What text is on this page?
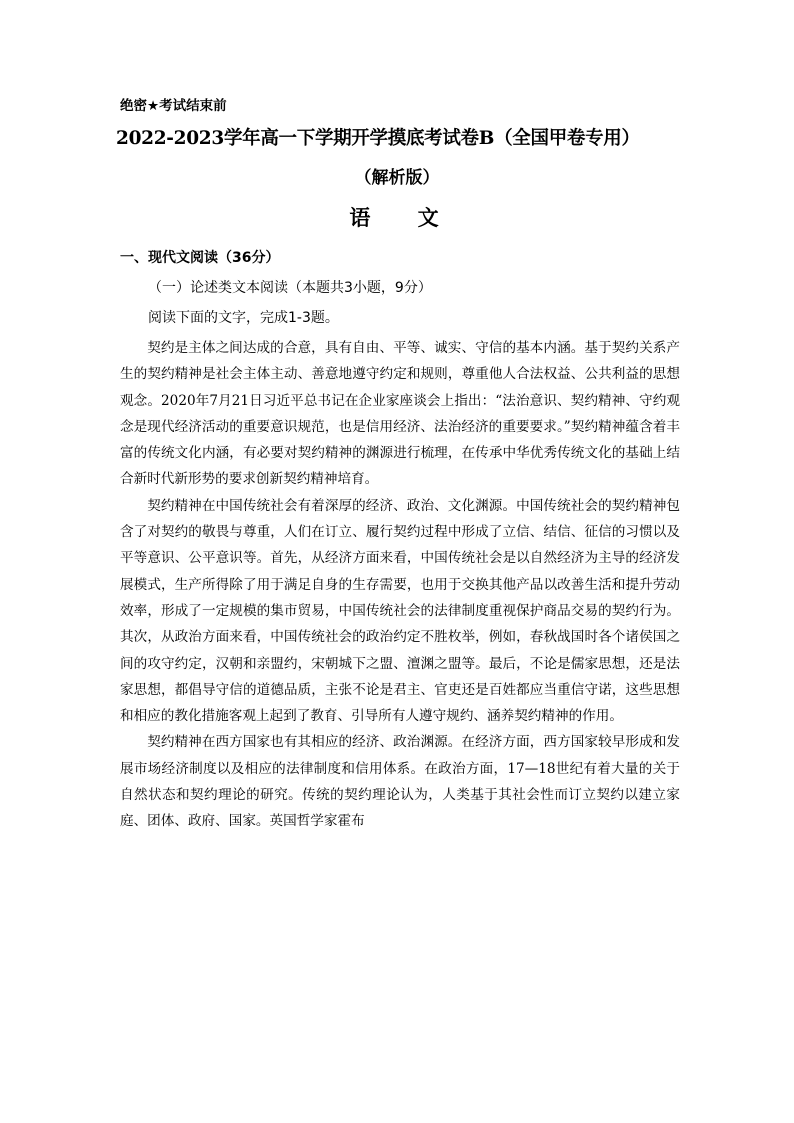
绝密★考试结束前
2022-2023学年高一下学期开学摸底考试卷B（全国甲卷专用）
（解析版）
语 文
一、现代文阅读（36分）
（一）论述类文本阅读（本题共3小题，9分）
阅读下面的文字，完成1-3题。

契约是主体之间达成的合意，具有自由、平等、诚实、守信的基本内涵。基于契约关系产生的契约精神是社会主体主动、善意地遵守约定和规则，尊重他人合法权益、公共利益的思想观念。2020年7月21日习近平总书记在企业家座谈会上指出：“法治意识、契约精神、守约观念是现代经济活动的重要意识规范，也是信用经济、法治经济的重要要求。”契约精神蕴含着丰富的传统文化内涵，有必要对契约精神的渊源进行梳理，在传承中华优秀传统文化的基础上结合新时代新形势的要求创新契约精神培育。

契约精神在中国传统社会有着深厚的经济、政治、文化渊源。中国传统社会的契约精神包含了对契约的敬畏与尊重，人们在订立、履行契约过程中形成了立信、结信、征信的习惯以及平等意识、公平意识等。首先，从经济方面来看，中国传统社会是以自然经济为主导的经济发展模式，生产所得除了用于满足自身的生存需要，也用于交换其他产品以改善生活和提升劳动效率，形成了一定规模的集市贸易，中国传统社会的法律制度重视保护商品交易的契约行为。其次，从政治方面来看，中国传统社会的政治约定不胜枚举，例如，春秋战国时各个诸侯国之间的攻守约定，汉朝和亲盟约，宋朝城下之盟、澶渊之盟等。最后，不论是儒家思想，还是法家思想，都倡导守信的道德品质，主张不论是君主、官吏还是百姓都应当重信守诺，这些思想和相应的教化措施客观上起到了教育、引导所有人遵守规约、涵养契约精神的作用。

契约精神在西方国家也有其相应的经济、政治渊源。在经济方面，西方国家较早形成和发展市场经济制度以及相应的法律制度和信用体系。在政治方面，17—18世纪有着大量的关于自然状态和契约理论的研究。传统的契约理论认为，人类基于其社会性而订立契约以建立家庭、团体、政府、国家。英国哲学家霍布
